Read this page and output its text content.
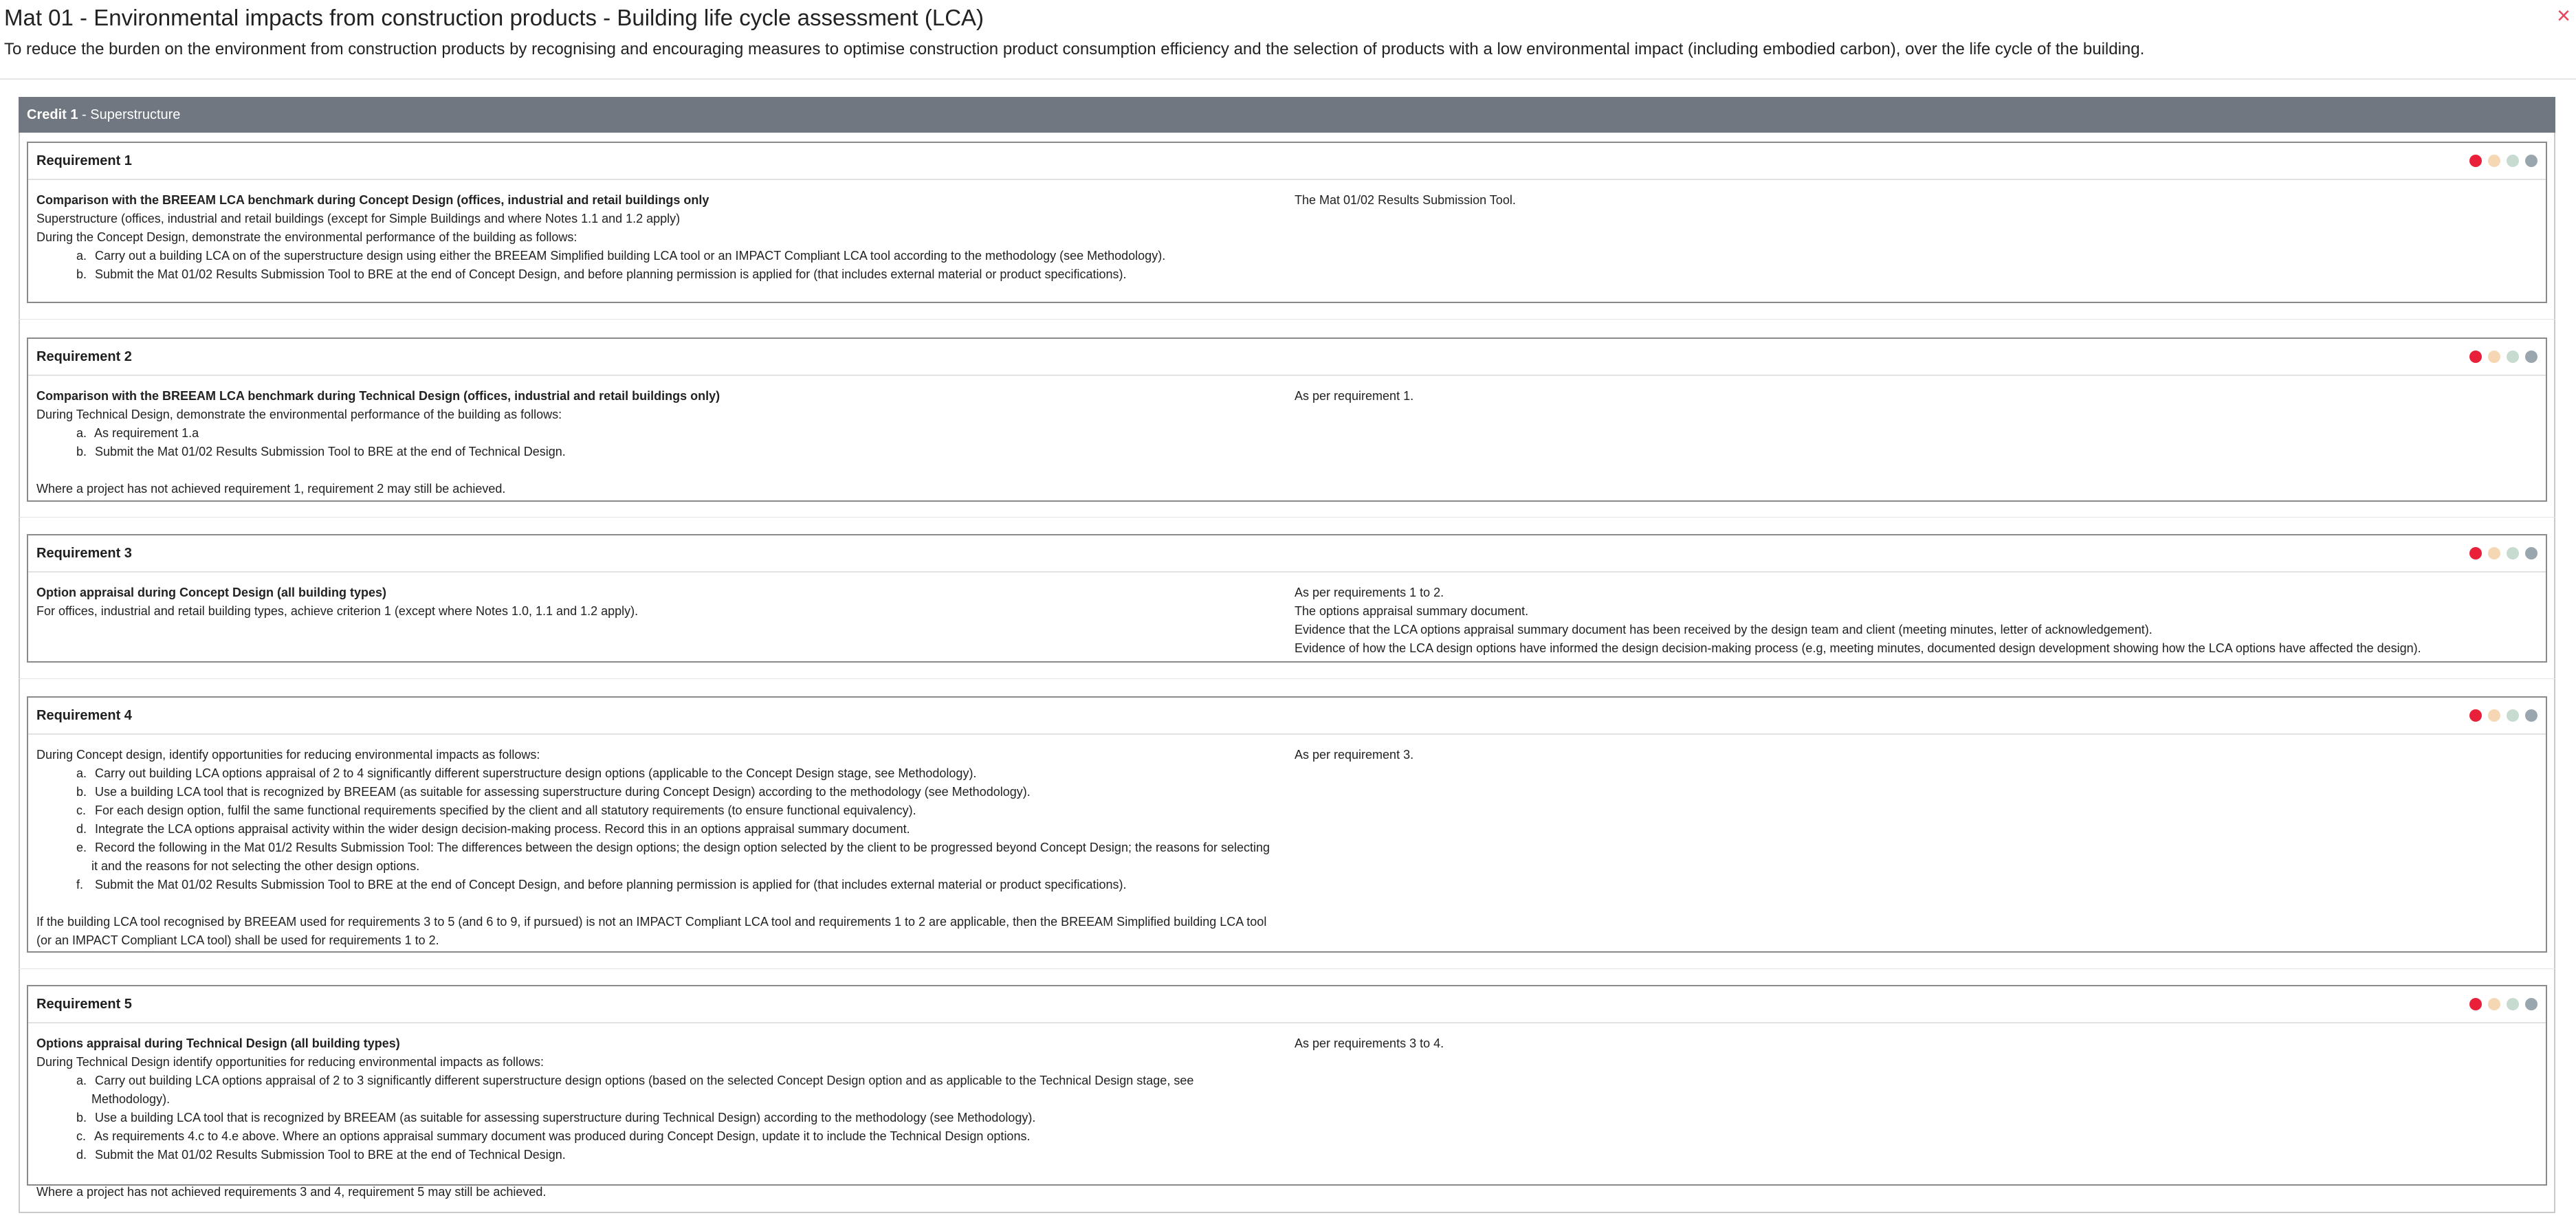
Mat 01 - Environmental impacts from construction products - Building life cycle assessment (LCA)	×
To reduce the burden on the environment from construction products by recognising and encouraging measures to optimise construction product consumption efficiency and the selection of products with a low environmental impact (including embodied carbon), over the life cycle of the building.
Credit 1 - Superstructure
Requirement 1
Comparison with the BREEAM LCA benchmark during Concept Design (offices, industrial and retail buildings only
Superstructure (offices, industrial and retail buildings (except for Simple Buildings and where Notes 1.1 and 1.2 apply)
During the Concept Design, demonstrate the environmental performance of the building as follows:
a. Carry out a building LCA on of the superstructure design using either the BREEAM Simplified building LCA tool or an IMPACT Compliant LCA tool according to the methodology (see Methodology).
b. Submit the Mat 01/02 Results Submission Tool to BRE at the end of Concept Design, and before planning permission is applied for (that includes external material or product specifications).
The Mat 01/02 Results Submission Tool.
Requirement 2
Comparison with the BREEAM LCA benchmark during Technical Design (offices, industrial and retail buildings only)
During Technical Design, demonstrate the environmental performance of the building as follows:
a. As requirement 1.a
b. Submit the Mat 01/02 Results Submission Tool to BRE at the end of Technical Design.
Where a project has not achieved requirement 1, requirement 2 may still be achieved.
As per requirement 1.
Requirement 3
Option appraisal during Concept Design (all building types)
For offices, industrial and retail building types, achieve criterion 1 (except where Notes 1.0, 1.1 and 1.2 apply).
As per requirements 1 to 2.
The options appraisal summary document.
Evidence that the LCA options appraisal summary document has been received by the design team and client (meeting minutes, letter of acknowledgement).
Evidence of how the LCA design options have informed the design decision-making process (e.g, meeting minutes, documented design development showing how the LCA options have affected the design).
Requirement 4
During Concept design, identify opportunities for reducing environmental impacts as follows:
a. Carry out building LCA options appraisal of 2 to 4 significantly different superstructure design options (applicable to the Concept Design stage, see Methodology).
b. Use a building LCA tool that is recognized by BREEAM (as suitable for assessing superstructure during Concept Design) according to the methodology (see Methodology).
c. For each design option, fulfil the same functional requirements specified by the client and all statutory requirements (to ensure functional equivalency).
d. Integrate the LCA options appraisal activity within the wider design decision-making process. Record this in an options appraisal summary document.
e. Record the following in the Mat 01/2 Results Submission Tool: The differences between the design options; the design option selected by the client to be progressed beyond Concept Design; the reasons for selecting it and the reasons for not selecting the other design options.
f. Submit the Mat 01/02 Results Submission Tool to BRE at the end of Concept Design, and before planning permission is applied for (that includes external material or product specifications).
If the building LCA tool recognised by BREEAM used for requirements 3 to 5 (and 6 to 9, if pursued) is not an IMPACT Compliant LCA tool and requirements 1 to 2 are applicable, then the BREEAM Simplified building LCA tool (or an IMPACT Compliant LCA tool) shall be used for requirements 1 to 2.
As per requirement 3.
Requirement 5
Options appraisal during Technical Design (all building types)
During Technical Design identify opportunities for reducing environmental impacts as follows:
a. Carry out building LCA options appraisal of 2 to 3 significantly different superstructure design options (based on the selected Concept Design option and as applicable to the Technical Design stage, see Methodology).
b. Use a building LCA tool that is recognized by BREEAM (as suitable for assessing superstructure during Technical Design) according to the methodology (see Methodology).
c. As requirements 4.c to 4.e above. Where an options appraisal summary document was produced during Concept Design, update it to include the Technical Design options.
d. Submit the Mat 01/02 Results Submission Tool to BRE at the end of Technical Design.
Where a project has not achieved requirements 3 and 4, requirement 5 may still be achieved.
As per requirements 3 to 4.
